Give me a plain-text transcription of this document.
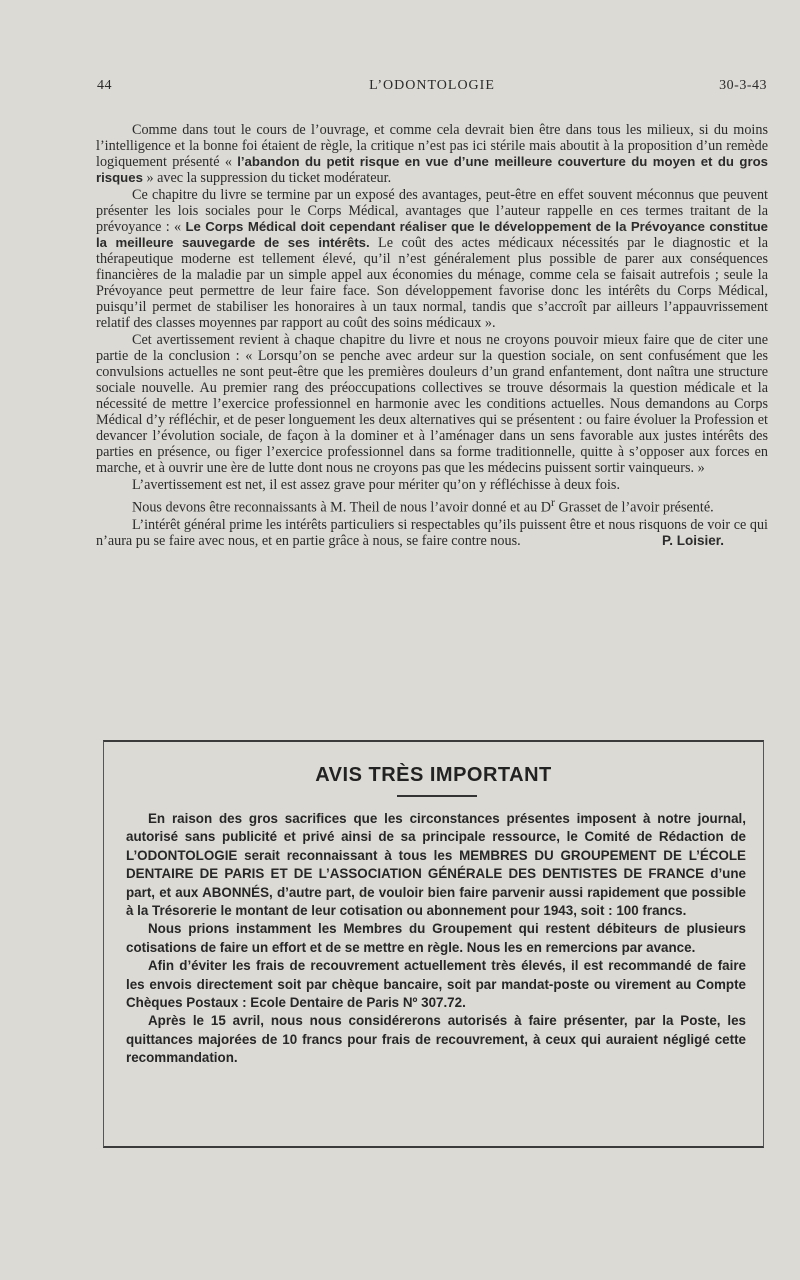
44	L’ODONTOLOGIE	30-3-43

Comme dans tout le cours de l’ouvrage, et comme cela devrait bien être dans tous les milieux, si du moins l’intelligence et la bonne foi étaient de règle, la critique n’est pas ici stérile mais aboutit à la proposition d’un remède logiquement présenté « l’abandon du petit risque en vue d’une meilleure couverture du moyen et du gros risques » avec la suppression du ticket modérateur.

Ce chapitre du livre se termine par un exposé des avantages, peut-être en effet souvent méconnus que peuvent présenter les lois sociales pour le Corps Médical, avantages que l’auteur rappelle en ces termes traitant de la prévoyance : « Le Corps Médical doit cependant réaliser que le développement de la Prévoyance constitue la meilleure sauvegarde de ses intérêts. Le coût des actes médicaux nécessités par le diagnostic et la thérapeutique moderne est tellement élevé, qu’il n’est généralement plus possible de parer aux conséquences financières de la maladie par un simple appel aux économies du ménage, comme cela se faisait autrefois ; seule la Prévoyance peut permettre de leur faire face. Son développement favorise donc les intérêts du Corps Médical, puisqu’il permet de stabiliser les honoraires à un taux normal, tandis que s’accroît par ailleurs l’appauvrissement relatif des classes moyennes par rapport au coût des soins médicaux ».

Cet avertissement revient à chaque chapitre du livre et nous ne croyons pouvoir mieux faire que de citer une partie de la conclusion : « Lorsqu’on se penche avec ardeur sur la question sociale, on sent confusément que les convulsions actuelles ne sont peut-être que les premières douleurs d’un grand enfantement, dont naîtra une structure sociale nouvelle. Au premier rang des préoccupations collectives se trouve désormais la question médicale et la nécessité de mettre l’exercice professionnel en harmonie avec les conditions actuelles. Nous demandons au Corps Médical d’y réfléchir, et de peser longuement les deux alternatives qui se présentent : ou faire évoluer la Profession et devancer l’évolution sociale, de façon à la dominer et à l’aménager dans un sens favorable aux justes intérêts des parties en présence, ou figer l’exercice professionnel dans sa forme traditionnelle, quitte à s’opposer aux forces en marche, et à ouvrir une ère de lutte dont nous ne croyons pas que les médecins puissent sortir vainqueurs. »

L’avertissement est net, il est assez grave pour mériter qu’on y réfléchisse à deux fois.

Nous devons être reconnaissants à M. Theil de nous l’avoir donné et au $D^r$ Grasset de l’avoir présenté.

L’intérêt général prime les intérêts particuliers si respectables qu’ils puissent être et nous risquons de voir ce qui n’aura pu se faire avec nous, et en partie grâce à nous, se faire contre nous.	P. Loisier.

AVIS TRÈS IMPORTANT

En raison des gros sacrifices que les circonstances présentes imposent à notre journal, autorisé sans publicité et privé ainsi de sa principale ressource, le Comité de Rédaction de L’ODONTOLOGIE serait reconnaissant à tous les MEMBRES DU GROUPEMENT DE L’ÉCOLE DENTAIRE DE PARIS ET DE L’ASSOCIATION GÉNÉRALE DES DENTISTES DE FRANCE d’une part, et aux ABONNÉS, d’autre part, de vouloir bien faire parvenir aussi rapidement que possible à la Trésorerie le montant de leur cotisation ou abonnement pour 1943, soit : 100 francs.

Nous prions instamment les Membres du Groupement qui restent débiteurs de plusieurs cotisations de faire un effort et de se mettre en règle. Nous les en remercions par avance.

Afin d’éviter les frais de recouvrement actuellement très élevés, il est recommandé de faire les envois directement soit par chèque bancaire, soit par mandat-poste ou virement au Compte Chèques Postaux : Ecole Dentaire de Paris Nº 307.72.

Après le 15 avril, nous nous considérerons autorisés à faire présenter, par la Poste, les quittances majorées de 10 francs pour frais de recouvrement, à ceux qui auraient négligé cette recommandation.
